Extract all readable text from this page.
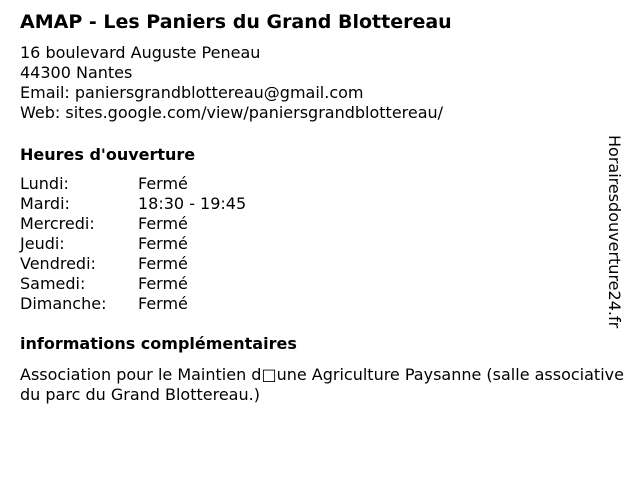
AMAP - Les Paniers du Grand Blottereau
16 boulevard Auguste Peneau
44300 Nantes
Email: paniersgrandblottereau@gmail.com
Web: sites.google.com/view/paniersgrandblottereau/
Heures d'ouverture
Lundi:	Fermé
Mardi:	18:30 - 19:45
Mercredi:	Fermé
Jeudi:	Fermé
Vendredi:	Fermé
Samedi:	Fermé
Dimanche:	Fermé
informations complémentaires
Association pour le Maintien d□une Agriculture Paysanne (salle associative du parc du Grand Blottereau.)
Horairesdouverture24.fr
